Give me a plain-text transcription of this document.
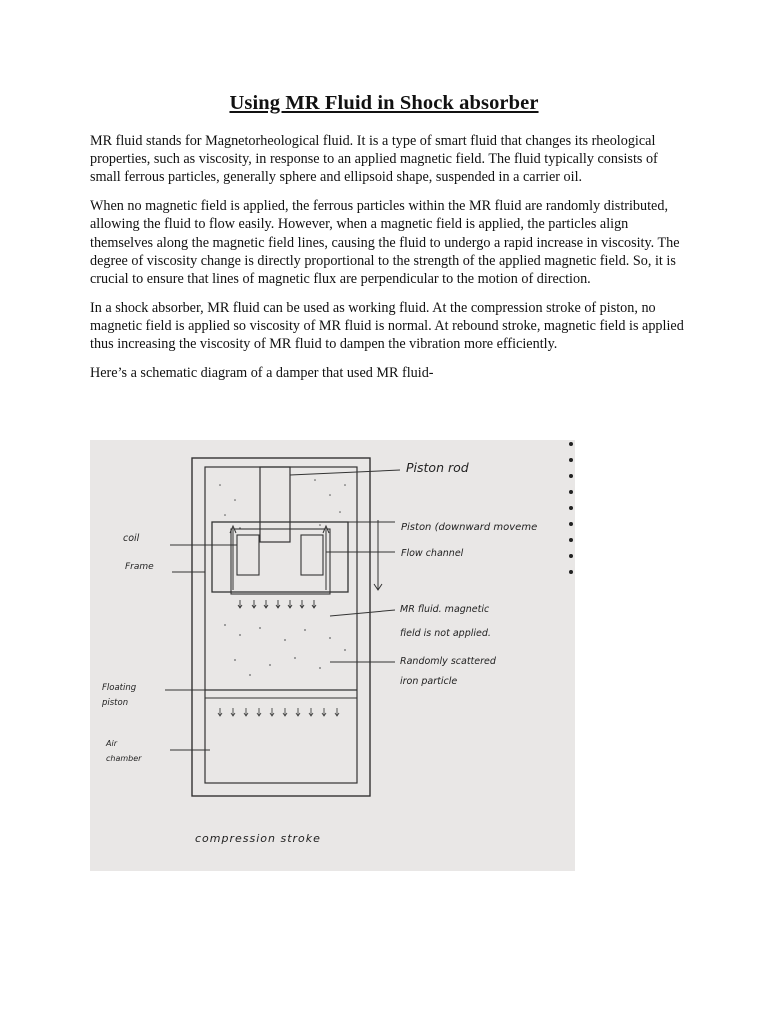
Using MR Fluid in Shock absorber

MR fluid stands for Magnetorheological fluid. It is a type of smart fluid that changes its rheological properties, such as viscosity, in response to an applied magnetic field. The fluid typically consists of small ferrous particles, generally sphere and ellipsoid shape, suspended in a carrier oil.

When no magnetic field is applied, the ferrous particles within the MR fluid are randomly distributed, allowing the fluid to flow easily. However, when a magnetic field is applied, the particles align themselves along the magnetic field lines, causing the fluid to undergo a rapid increase in viscosity. The degree of viscosity change is directly proportional to the strength of the applied magnetic field. So, it is crucial to ensure that lines of magnetic flux are perpendicular to the motion of direction.

In a shock absorber, MR fluid can be used as working fluid. At the compression stroke of piston, no magnetic field is applied so viscosity of MR fluid is normal. At rebound stroke, magnetic field is applied thus increasing the viscosity of MR fluid to dampen the vibration more efficiently.

Here’s a schematic diagram of a damper that used MR fluid-

Piston rod
Piston (downward moveme
coil
Flow channel
Frame
MR fluid. magnetic
field is not applied.
Randomly scattered
iron particle
Floating
piston
Air
chamber
compression stroke
